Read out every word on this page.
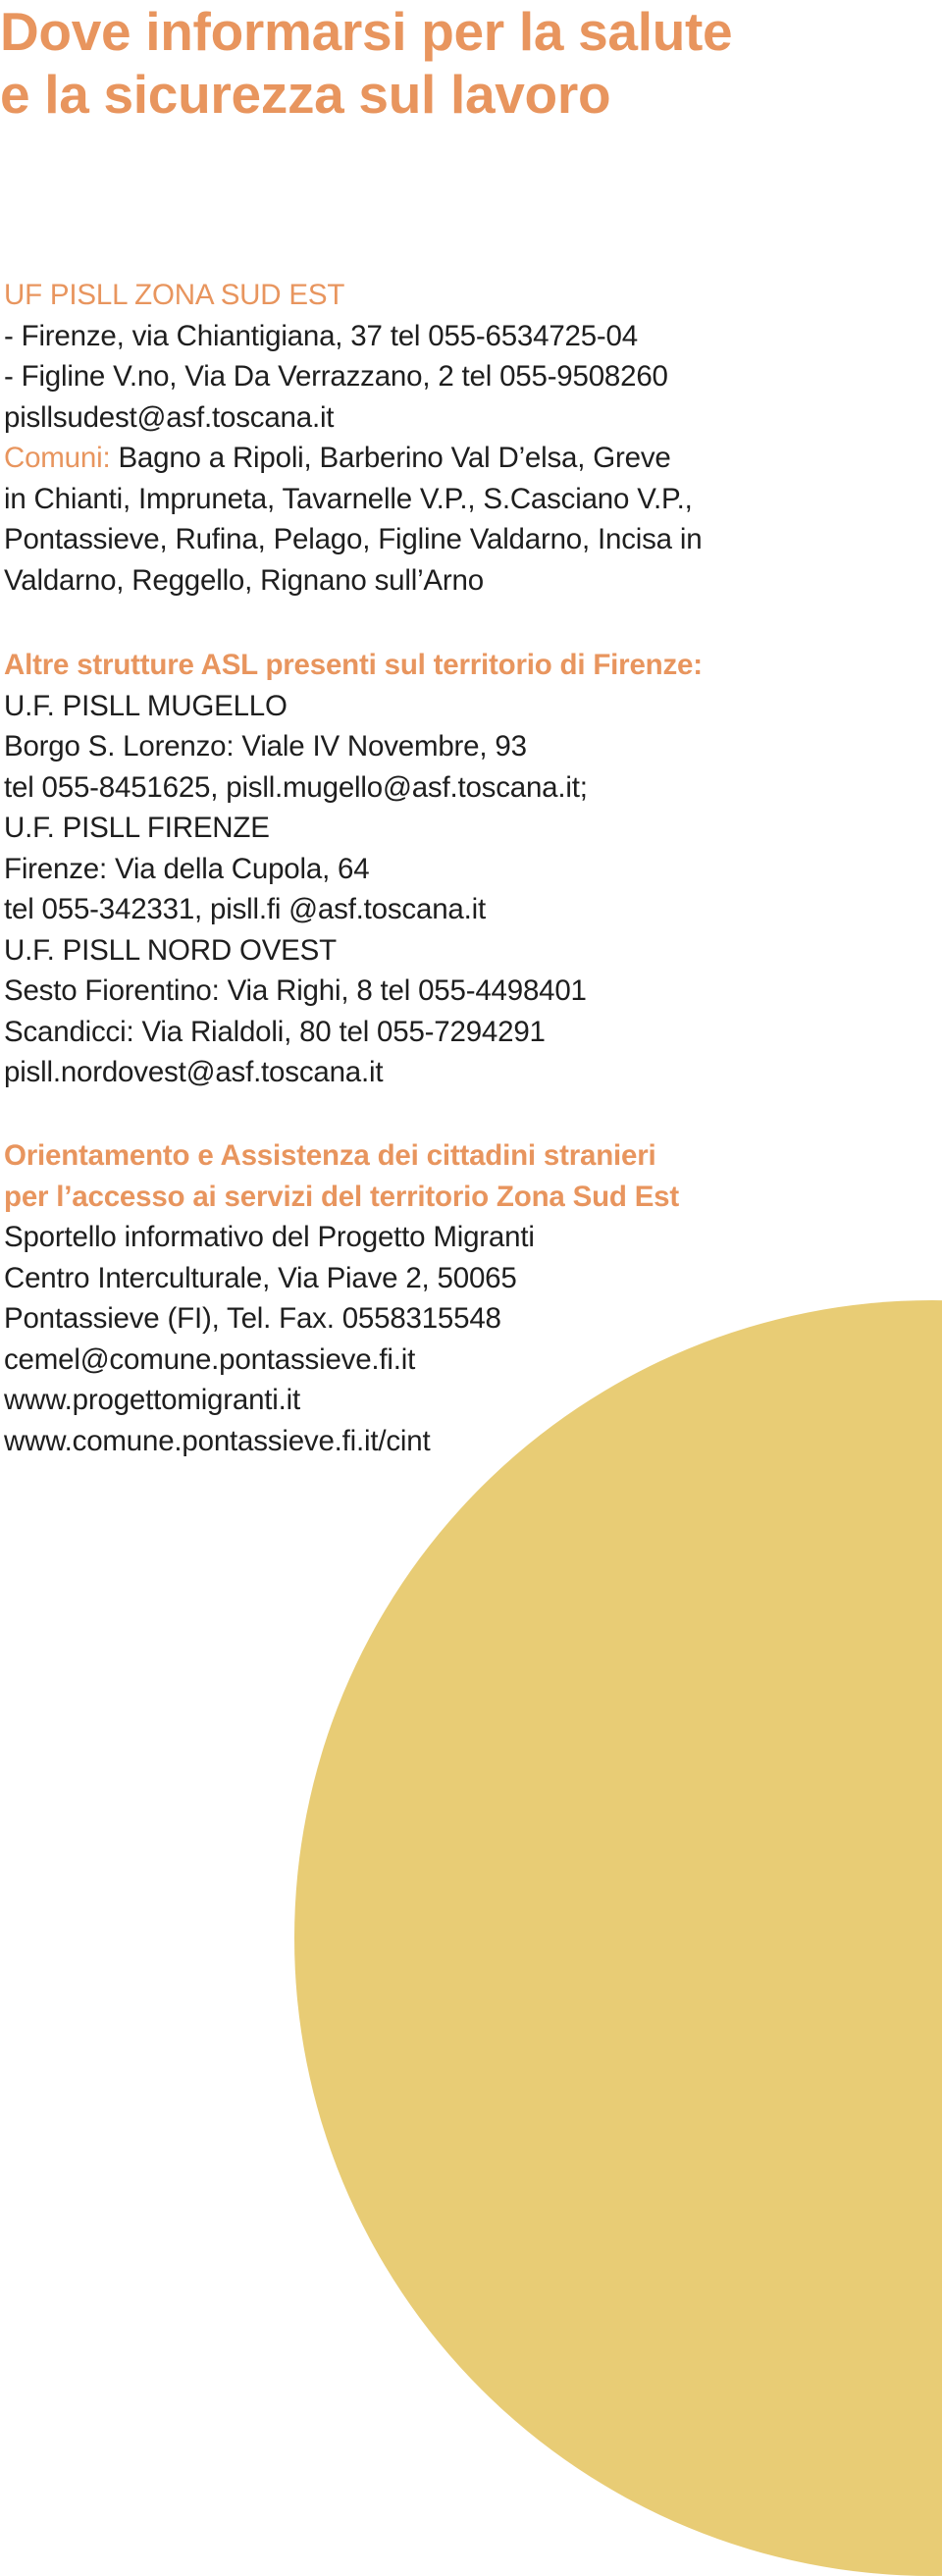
Dove informarsi per la salute
e la sicurezza sul lavoro
UF PISLL ZONA SUD EST
- Firenze, via Chiantigiana, 37 tel 055-6534725-04
- Figline V.no, Via Da Verrazzano, 2 tel 055-9508260
pisllsudest@asf.toscana.it
Comuni: Bagno a Ripoli, Barberino Val D’elsa, Greve
in Chianti, Impruneta, Tavarnelle V.P., S.Casciano V.P.,
Pontassieve, Rufina, Pelago, Figline Valdarno, Incisa in
Valdarno, Reggello, Rignano sull’Arno
Altre strutture ASL presenti sul territorio di Firenze:
U.F. PISLL MUGELLO
Borgo S. Lorenzo: Viale IV Novembre, 93
tel 055-8451625, pisll.mugello@asf.toscana.it;
U.F. PISLL FIRENZE
Firenze: Via della Cupola, 64
tel 055-342331, pisll.fi @asf.toscana.it
U.F. PISLL NORD OVEST
Sesto Fiorentino: Via Righi, 8 tel 055-4498401
Scandicci: Via Rialdoli, 80 tel 055-7294291
pisll.nordovest@asf.toscana.it
Orientamento e Assistenza dei cittadini stranieri
per l’accesso ai servizi del territorio Zona Sud Est
Sportello informativo del Progetto Migranti
Centro Interculturale, Via Piave 2, 50065
Pontassieve (FI), Tel. Fax. 0558315548
cemel@comune.pontassieve.fi.it
www.progettomigranti.it
www.comune.pontassieve.fi.it/cint
